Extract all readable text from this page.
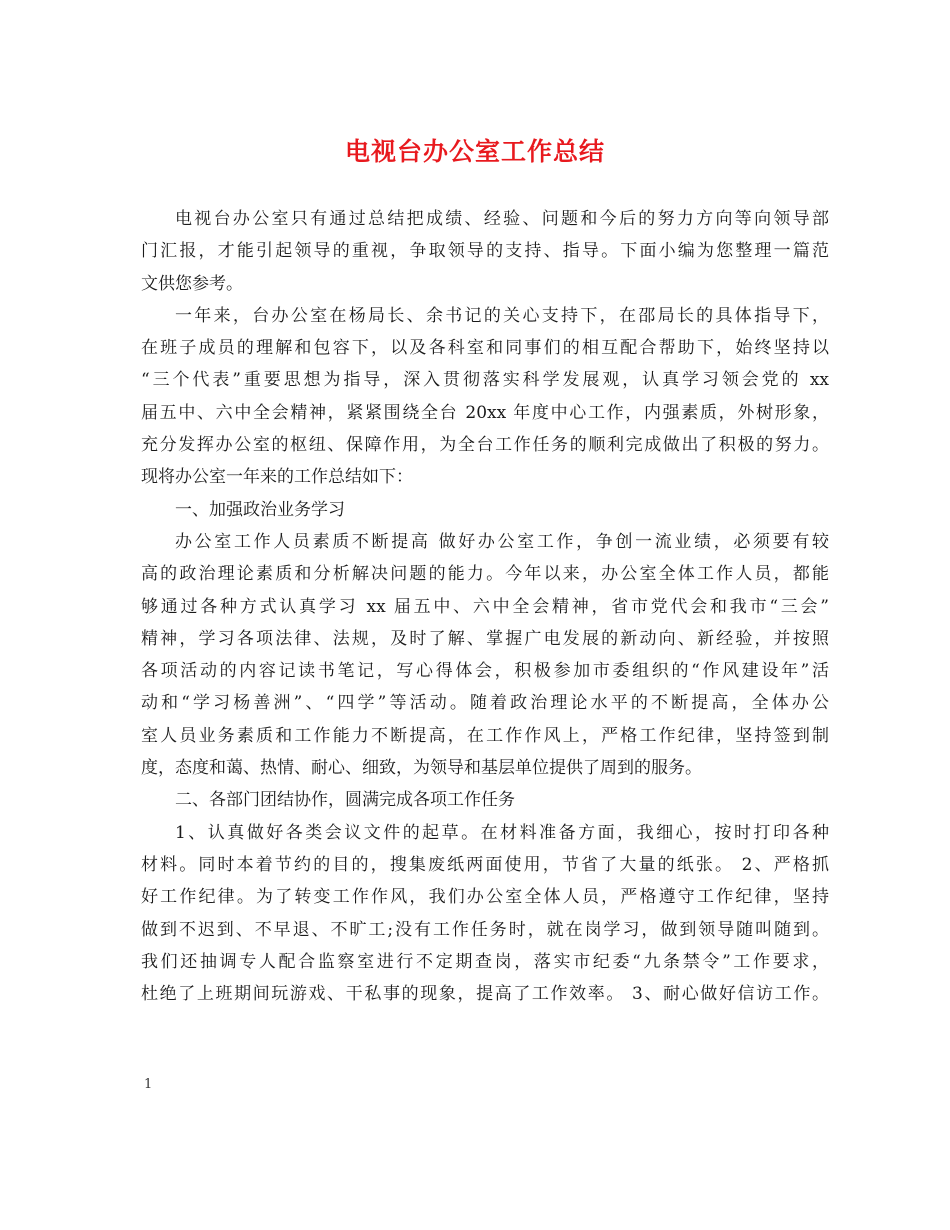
电视台办公室工作总结
电视台办公室只有通过总结把成绩、经验、问题和今后的努力方向等向领导部
门汇报，才能引起领导的重视，争取领导的支持、指导。下面小编为您整理一篇范
文供您参考。
一年来，台办公室在杨局长、余书记的关心支持下，在邵局长的具体指导下，
在班子成员的理解和包容下，以及各科室和同事们的相互配合帮助下，始终坚持以
“三个代表”重要思想为指导，深入贯彻落实科学发展观，认真学习领会党的 xx
届五中、六中全会精神，紧紧围绕全台 20xx 年度中心工作，内强素质，外树形象，
充分发挥办公室的枢纽、保障作用，为全台工作任务的顺利完成做出了积极的努力。
现将办公室一年来的工作总结如下：
一、加强政治业务学习
办公室工作人员素质不断提高 做好办公室工作，争创一流业绩，必须要有较
高的政治理论素质和分析解决问题的能力。今年以来，办公室全体工作人员，都能
够通过各种方式认真学习 xx 届五中、六中全会精神，省市党代会和我市“三会”
精神，学习各项法律、法规，及时了解、掌握广电发展的新动向、新经验，并按照
各项活动的内容记读书笔记，写心得体会，积极参加市委组织的“作风建设年”活
动和“学习杨善洲”、“四学”等活动。随着政治理论水平的不断提高，全体办公
室人员业务素质和工作能力不断提高，在工作作风上，严格工作纪律，坚持签到制
度，态度和蔼、热情、耐心、细致，为领导和基层单位提供了周到的服务。
二、各部门团结协作，圆满完成各项工作任务
1、认真做好各类会议文件的起草。在材料准备方面，我细心，按时打印各种
材料。同时本着节约的目的，搜集废纸两面使用，节省了大量的纸张。 2、严格抓
好工作纪律。为了转变工作作风，我们办公室全体人员，严格遵守工作纪律，坚持
做到不迟到、不早退、不旷工;没有工作任务时，就在岗学习，做到领导随叫随到。
我们还抽调专人配合监察室进行不定期查岗，落实市纪委“九条禁令”工作要求，
杜绝了上班期间玩游戏、干私事的现象，提高了工作效率。 3、耐心做好信访工作。
1
